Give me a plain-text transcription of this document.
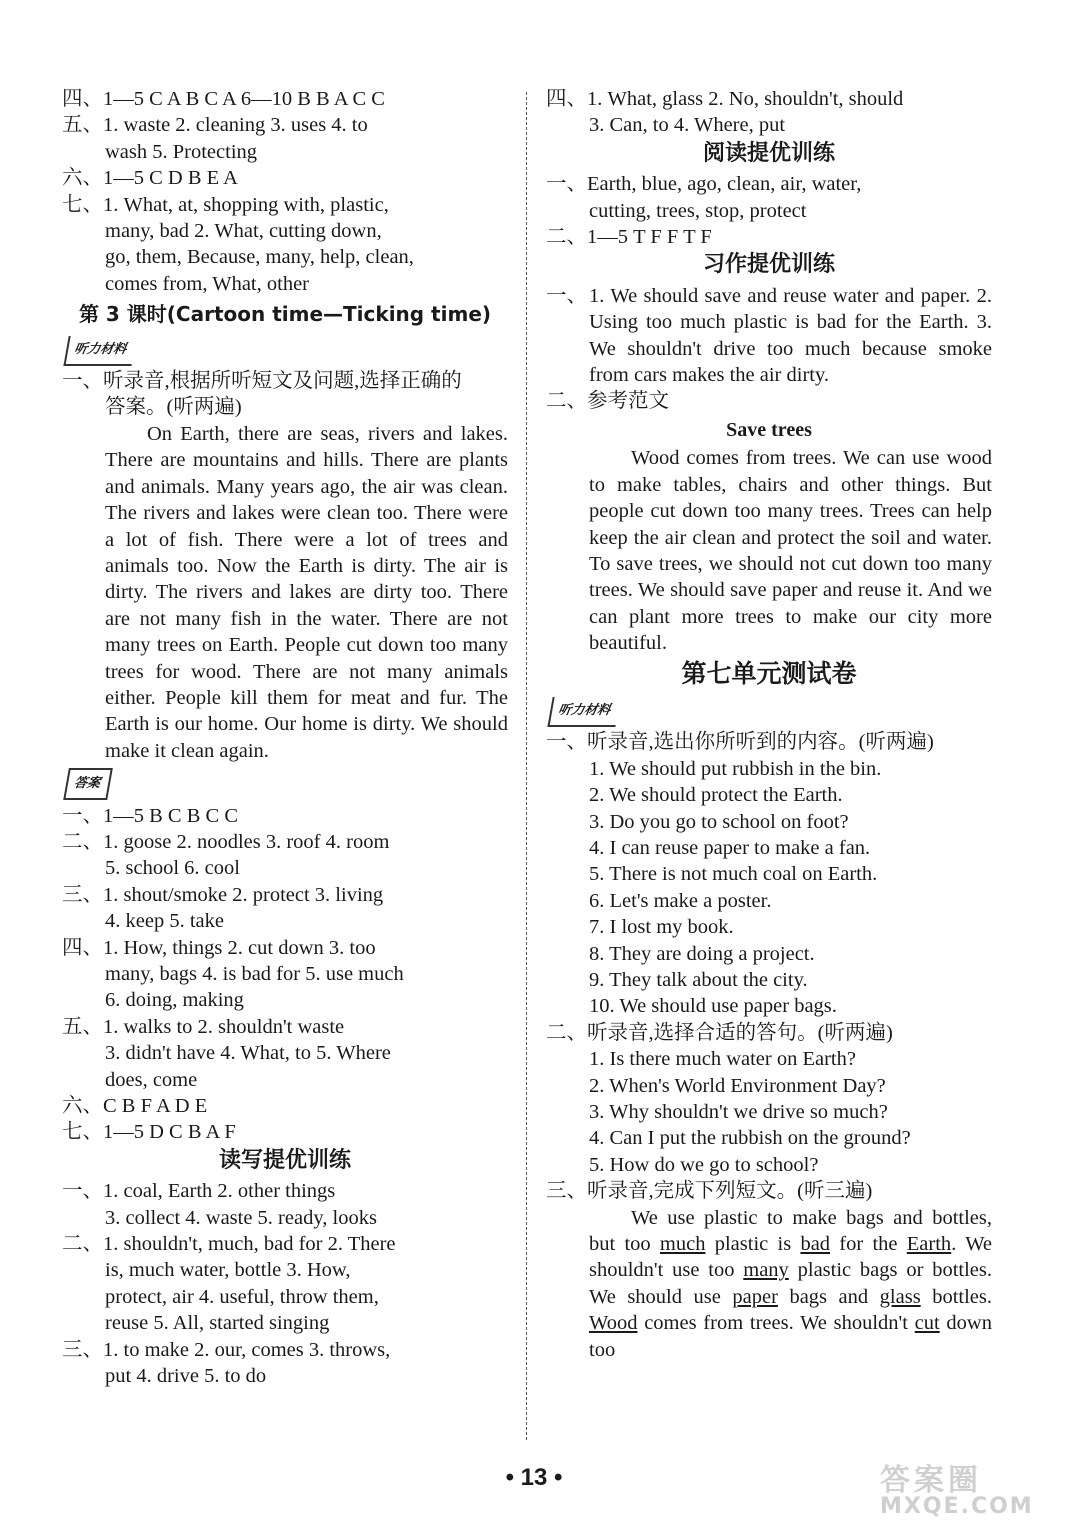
四、1—5 C A B C A 6—10 B B A C C
五、1. waste 2. cleaning 3. uses 4. to
wash 5. Protecting
六、1—5 C D B E A
七、1. What, at, shopping with, plastic,
many, bad 2. What, cutting down,
go, them, Because, many, help, clean,
comes from, What, other
第 3 课时(Cartoon time—Ticking time)
听力材料
一、听录音,根据所听短文及问题,选择正确的
答案。(听两遍)
On Earth, there are seas, rivers and lakes. There are mountains and hills. There are plants and animals. Many years ago, the air was clean. The rivers and lakes were clean too. There were a lot of fish. There were a lot of trees and animals too. Now the Earth is dirty. The air is dirty. The rivers and lakes are dirty too. There are not many fish in the water. There are not many trees on Earth. People cut down too many trees for wood. There are not many animals either. People kill them for meat and fur. The Earth is our home. Our home is dirty. We should make it clean again.
答案
一、1—5 B C B C C
二、1. goose 2. noodles 3. roof 4. room
5. school 6. cool
三、1. shout/smoke 2. protect 3. living
4. keep 5. take
四、1. How, things 2. cut down 3. too
many, bags 4. is bad for 5. use much
6. doing, making
五、1. walks to 2. shouldn't waste
3. didn't have 4. What, to 5. Where
does, come
六、C B F A D E
七、1—5 D C B A F
读写提优训练
一、1. coal, Earth 2. other things
3. collect 4. waste 5. ready, looks
二、1. shouldn't, much, bad for 2. There
is, much water, bottle 3. How,
protect, air 4. useful, throw them,
reuse 5. All, started singing
三、1. to make 2. our, comes 3. throws,
put 4. drive 5. to do
四、1. What, glass 2. No, shouldn't, should
3. Can, to 4. Where, put
阅读提优训练
一、Earth, blue, ago, clean, air, water,
cutting, trees, stop, protect
二、1—5 T F F T F
习作提优训练
一、 1. We should save and reuse water and paper. 2. Using too much plastic is bad for the Earth. 3. We shouldn't drive too much because smoke from cars makes the air dirty.
二、参考范文
Save trees
Wood comes from trees. We can use wood to make tables, chairs and other things. But people cut down too many trees. Trees can help keep the air clean and protect the soil and water. To save trees, we should not cut down too many trees. We should save paper and reuse it. And we can plant more trees to make our city more beautiful.
第七单元测试卷
听力材料
一、听录音,选出你所听到的内容。(听两遍)
1. We should put rubbish in the bin.
2. We should protect the Earth.
3. Do you go to school on foot?
4. I can reuse paper to make a fan.
5. There is not much coal on Earth.
6. Let's make a poster.
7. I lost my book.
8. They are doing a project.
9. They talk about the city.
10. We should use paper bags.
二、听录音,选择合适的答句。(听两遍)
1. Is there much water on Earth?
2. When's World Environment Day?
3. Why shouldn't we drive so much?
4. Can I put the rubbish on the ground?
5. How do we go to school?
三、听录音,完成下列短文。(听三遍)
We use plastic to make bags and bottles, but too much plastic is bad for the Earth. We shouldn't use too many plastic bags or bottles. We should use paper bags and glass bottles. Wood comes from trees. We shouldn't cut down too
• 13 •	答案圈
MXQE.COM
